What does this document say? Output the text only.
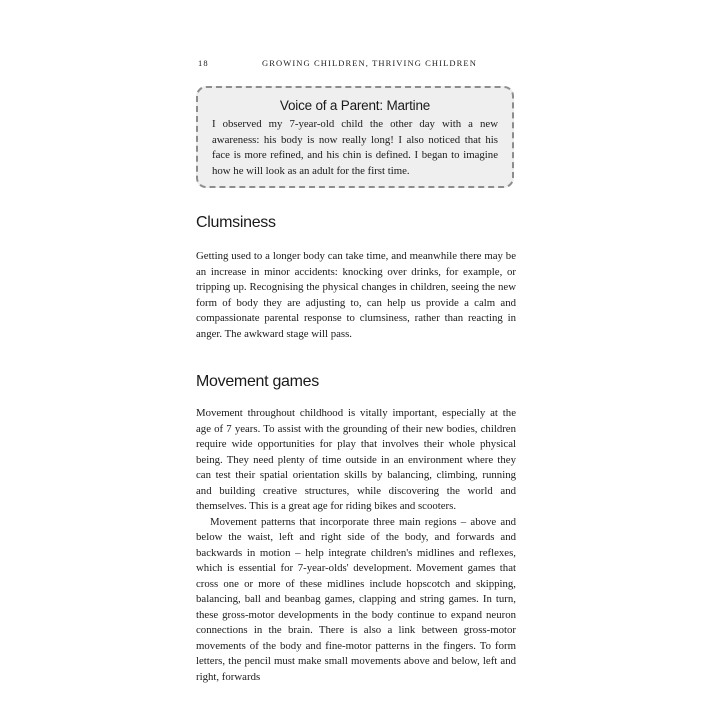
18	GROWING CHILDREN, THRIVING CHILDREN
Voice of a Parent: Martine

I observed my 7-year-old child the other day with a new awareness: his body is now really long! I also noticed that his face is more refined, and his chin is defined. I began to imagine how he will look as an adult for the first time.

Clumsiness

Getting used to a longer body can take time, and meanwhile there may be an increase in minor accidents: knocking over drinks, for example, or tripping up. Recognising the physical changes in children, seeing the new form of body they are adjusting to, can help us provide a calm and compassionate parental response to clumsiness, rather than reacting in anger. The awkward stage will pass.

Movement games

Movement throughout childhood is vitally important, especially at the age of 7 years. To assist with the grounding of their new bodies, children require wide opportunities for play that involves their whole physical being. They need plenty of time outside in an environment where they can test their spatial orientation skills by balancing, climbing, running and building creative structures, while discovering the world and themselves. This is a great age for riding bikes and scooters.

Movement patterns that incorporate three main regions – above and below the waist, left and right side of the body, and forwards and backwards in motion – help integrate children's midlines and reflexes, which is essential for 7-year-olds' development. Movement games that cross one or more of these midlines include hopscotch and skipping, balancing, ball and beanbag games, clapping and string games. In turn, these gross-motor developments in the body continue to expand neuron connections in the brain. There is also a link between gross-motor movements of the body and fine-motor patterns in the fingers. To form letters, the pencil must make small movements above and below, left and right, forwards
